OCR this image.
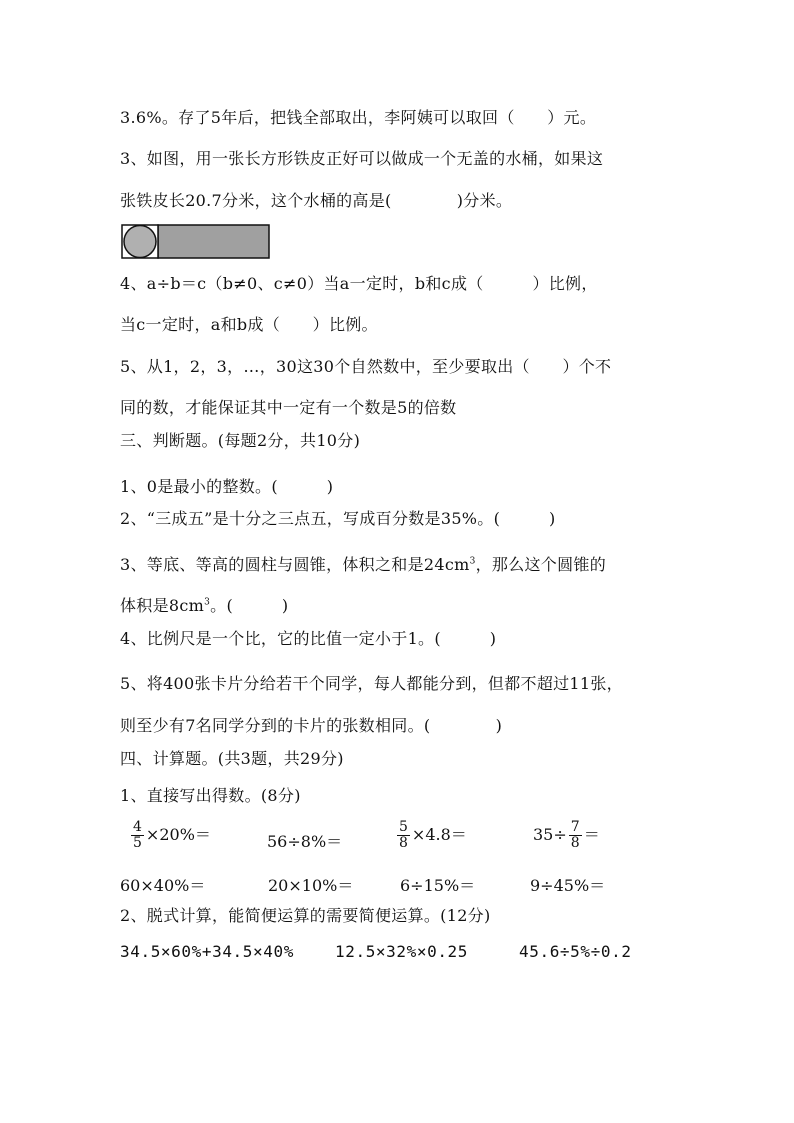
3.6%。存了5年后，把钱全部取出，李阿姨可以取回（　　）元。
3、如图，用一张长方形铁皮正好可以做成一个无盖的水桶，如果这
张铁皮长20.7分米，这个水桶的高是(　　　　)分米。
4、a÷b＝c（b≠0、c≠0）当a一定时，b和c成（　　　）比例，
当c一定时，a和b成（　　）比例。
5、从1，2，3，…，30这30个自然数中，至少要取出（　　）个不
同的数，才能保证其中一定有一个数是5的倍数
三、判断题。(每题2分，共10分)
1、0是最小的整数。(　　　)
2、“三成五”是十分之三点五，写成百分数是35%。(　　　)
3、等底、等高的圆柱与圆锥，体积之和是$24cm^3$，那么这个圆锥的
体积是$8cm^3$。(　　　)
4、比例尺是一个比，它的比值一定小于1。(　　　)
5、将400张卡片分给若干个同学，每人都能分到，但都不超过11张，
则至少有7名同学分到的卡片的张数相同。(　　　　)
四、计算题。(共3题，共29分)
1、直接写出得数。(8分)
$\frac{4}{5} \times 20\%=$	56÷8%＝	$\frac{5}{8} \times 4.8=$	$35\div \frac{7}{8}$ ＝
60×40%＝	20×10%＝	6÷15%＝	9÷45%＝
2、脱式计算，能简便运算的需要简便运算。(12分)
34.5×60%+34.5×40%	12.5×32%×0.25	45.6÷5%÷0.2
